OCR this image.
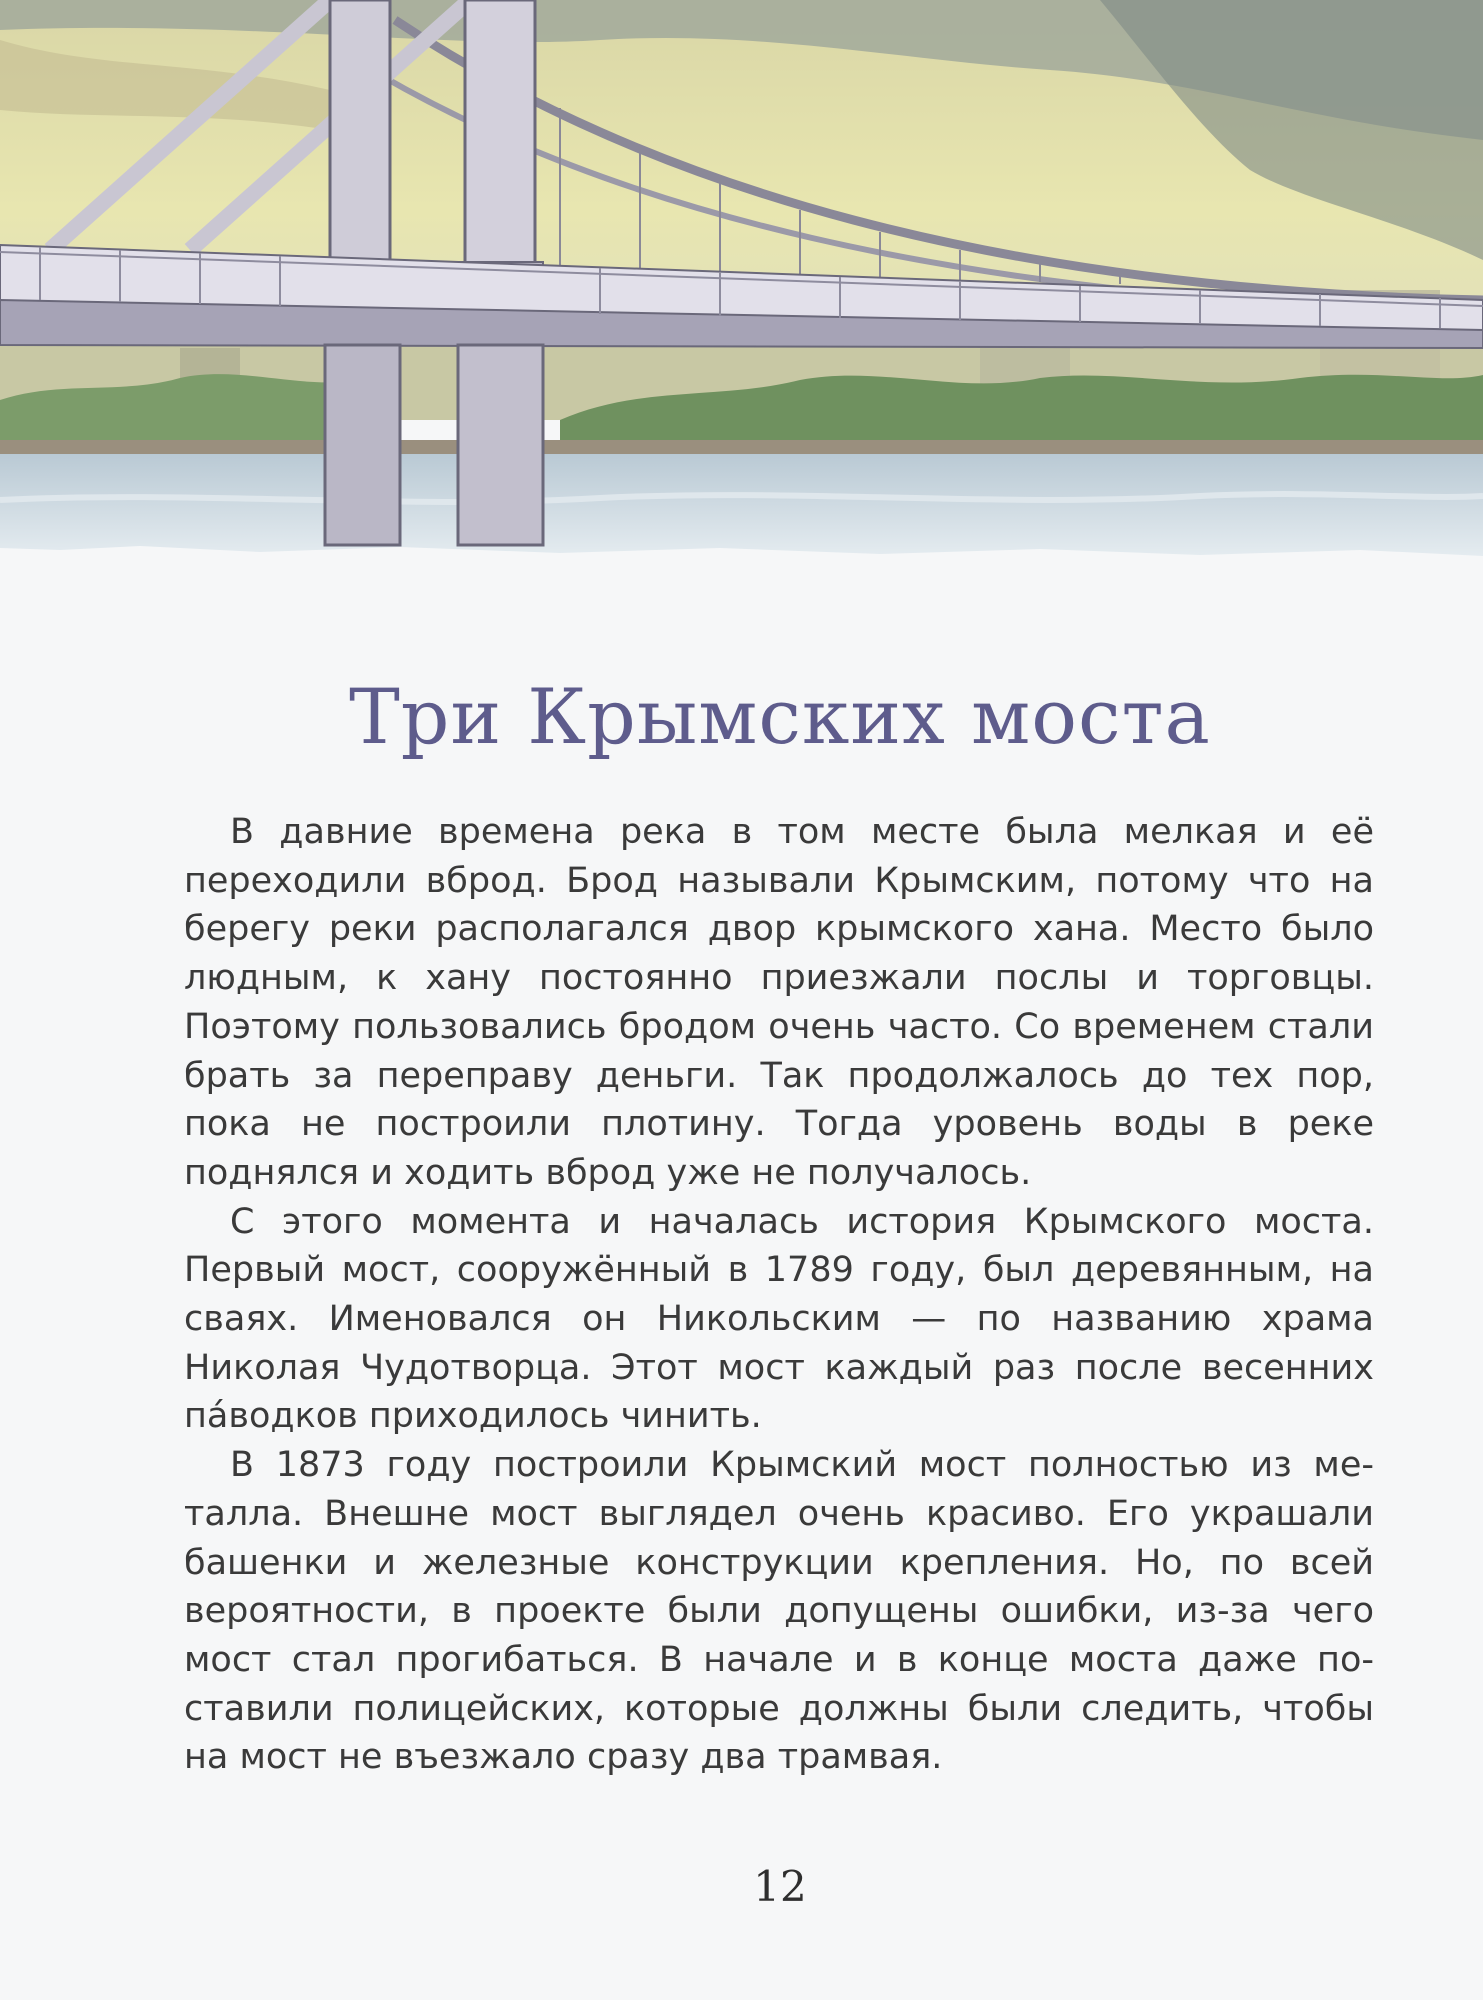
Три Крымских моста

В давние времена река в том месте была мелкая и её переходили вброд. Брод называли Крымским, потому что на берегу реки располагался двор крымского хана. Место было людным, к хану постоянно приезжали послы и торговцы. Поэтому пользовались бродом очень часто. Со временем стали брать за переправу деньги. Так продолжалось до тех пор, пока не построили плотину. Тогда уровень воды в реке поднялся и ходить вброд уже не получалось.

С этого момента и началась история Крымского моста. Первый мост, сооружённый в 1789 году, был деревянным, на сваях. Именовался он Никольским — по названию храма Николая Чудотворца. Этот мост каждый раз после весенних па́водков приходилось чинить.

В 1873 году построили Крымский мост полностью из металла. Внешне мост выглядел очень красиво. Его украшали башенки и железные конструкции крепления. Но, по всей вероятности, в проекте были допущены ошибки, из-за чего мост стал прогибаться. В начале и в конце моста даже поставили полицейских, которые должны были следить, чтобы на мост не въезжало сразу два трамвая.

12
